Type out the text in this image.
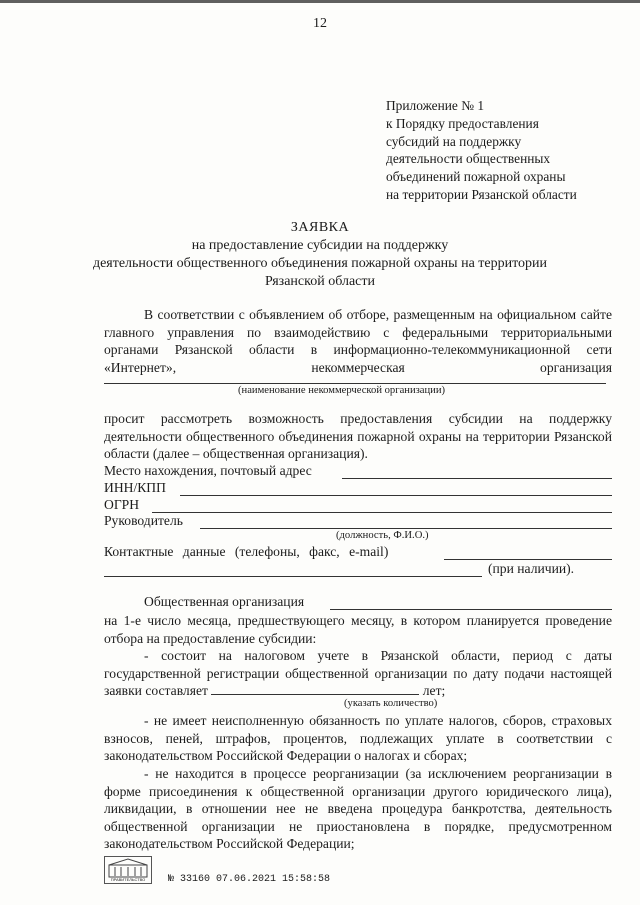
12
Приложение № 1
к Порядку предоставления
субсидий на поддержку
деятельности общественных
объединений пожарной охраны
на территории Рязанской области
ЗАЯВКА
на предоставление субсидии на поддержку
деятельности общественного объединения пожарной охраны на территории
Рязанской области
В соответствии с объявлением об отборе, размещенным на официальном сайте главного управления по взаимодействию с федеральными территориальными органами Рязанской области в информационно-телекоммуникационной сети «Интернет», некоммерческая организация
(наименование некоммерческой организации)
просит рассмотреть возможность предоставления субсидии на поддержку деятельности общественного объединения пожарной охраны на территории Рязанской области (далее – общественная организация).
Место нахождения, почтовый адрес
ИНН/КПП
ОГРН
Руководитель
(должность, Ф.И.О.)
Контактные данные (телефоны, факс, e-mail)
(при наличии).
Общественная организация
на 1-е число месяца, предшествующего месяцу, в котором планируется проведение отбора на предоставление субсидии:
- состоит на налоговом учете в Рязанской области, период с даты государственной регистрации общественной организации по дату подачи настоящей заявки составляет	лет;
(указать количество)
- не имеет неисполненную обязанность по уплате налогов, сборов, страховых взносов, пеней, штрафов, процентов, подлежащих уплате в соответствии с законодательством Российской Федерации о налогах и сборах;
- не находится в процессе реорганизации (за исключением реорганизации в форме присоединения к общественной организации другого юридического лица), ликвидации, в отношении нее не введена процедура банкротства, деятельность общественной организации не приостановлена в порядке, предусмотренном законодательством Российской Федерации;
ПРАВИТЕЛЬСТВО	№ 33160 07.06.2021 15:58:58
